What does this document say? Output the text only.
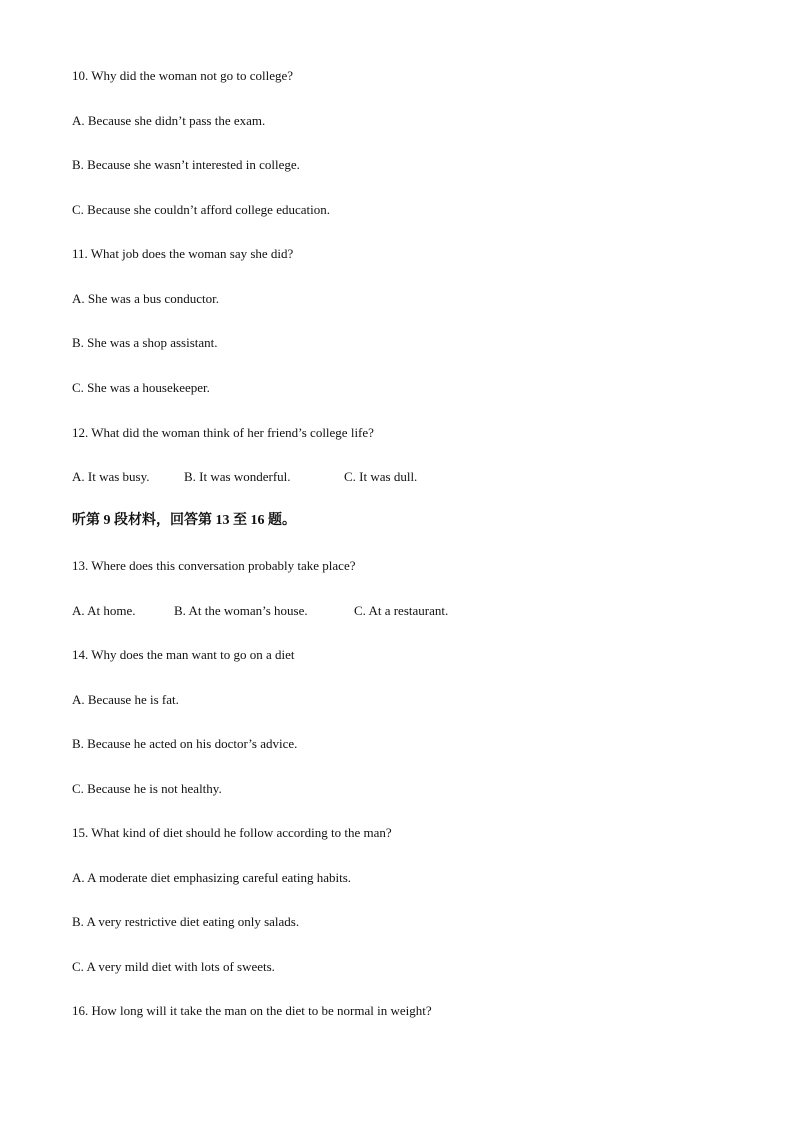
10. Why did the woman not go to college?
A. Because she didn’t pass the exam.
B. Because she wasn’t interested in college.
C. Because she couldn’t afford college education.
11. What job does the woman say she did?
A. She was a bus conductor.
B. She was a shop assistant.
C. She was a housekeeper.
12. What did the woman think of her friend’s college life?
A. It was busy.	B. It was wonderful.	C. It was dull.
听第 9 段材料，回答第 13 至 16 题。
13. Where does this conversation probably take place?
A. At home.	B. At the woman’s house.	C. At a restaurant.
14. Why does the man want to go on a diet
A. Because he is fat.
B. Because he acted on his doctor’s advice.
C. Because he is not healthy.
15. What kind of diet should he follow according to the man?
A. A moderate diet emphasizing careful eating habits.
B. A very restrictive diet eating only salads.
C. A very mild diet with lots of sweets.
16. How long will it take the man on the diet to be normal in weight?
